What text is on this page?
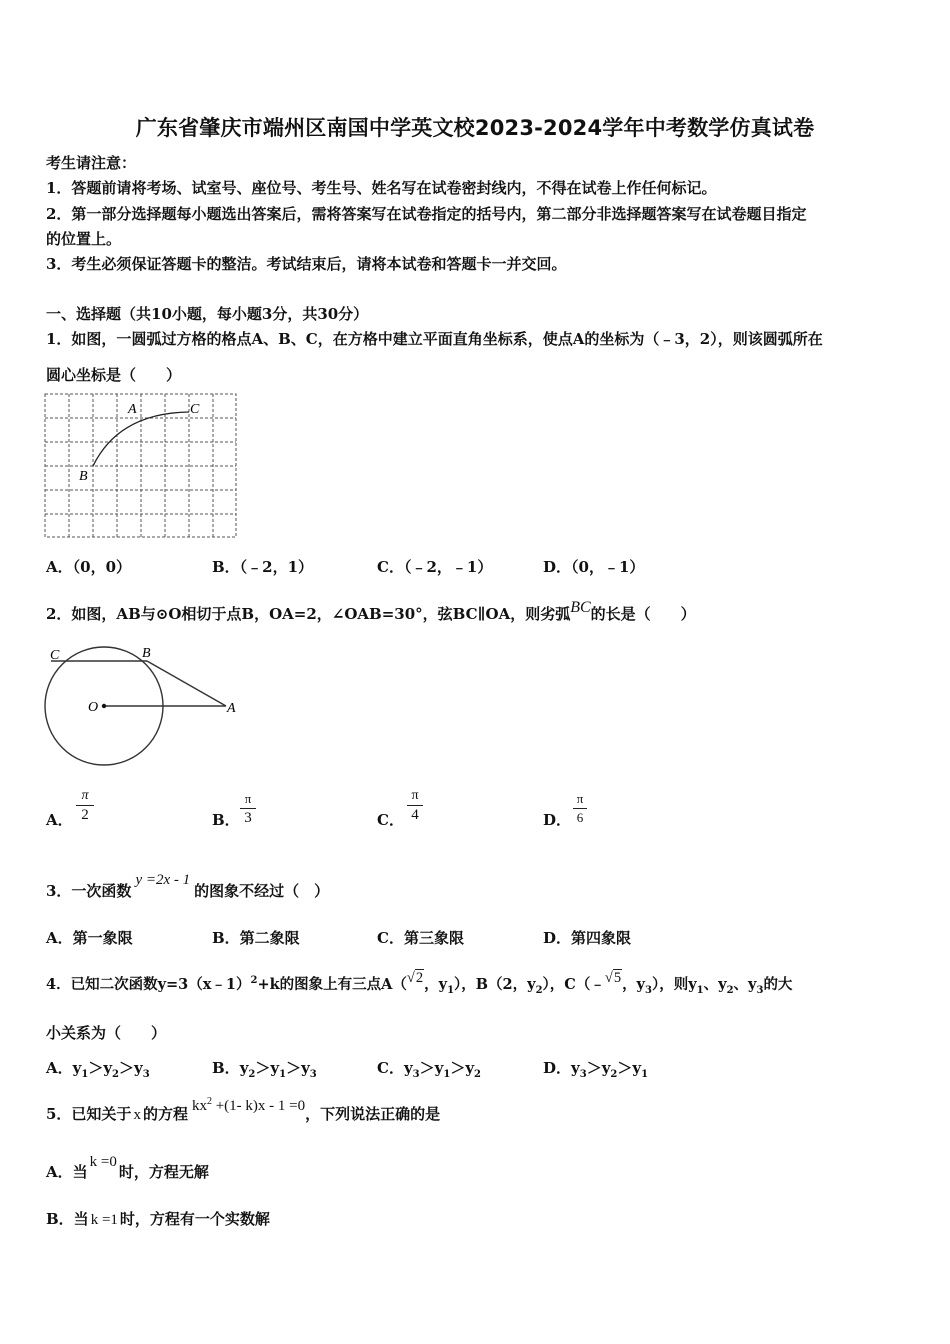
广东省肇庆市端州区南国中学英文校2023-2024学年中考数学仿真试卷
考生请注意：
1．答题前请将考场、试室号、座位号、考生号、姓名写在试卷密封线内，不得在试卷上作任何标记。
2．第一部分选择题每小题选出答案后，需将答案写在试卷指定的括号内，第二部分非选择题答案写在试卷题目指定
的位置上。
3．考生必须保证答题卡的整洁。考试结束后，请将本试卷和答题卡一并交回。
一、选择题（共10小题，每小题3分，共30分）
1．如图，一圆弧过方格的格点A、B、C，在方格中建立平面直角坐标系，使点A的坐标为（﹣3，2），则该圆弧所在
圆心坐标是（　　）
A	C
B
A．（0，0）	B．（﹣2，1）	C．（﹣2，﹣1）	D．（0，﹣1）
2．如图，AB与⊙O相切于点B，OA=2，∠OAB=30°，弦BC∥OA，则劣弧BC的长是（　　）
C	B
O	A
A．
π
2	B．
π
3	C．
π
4	D．
π
6
3．一次函数y =2x - 1的图象不经过（　）
A．第一象限	B．第二象限	C．第三象限	D．第四象限
4．已知二次函数y=3（x﹣1）$^2$+k的图象上有三点A（√2，$y_1$），B（2，$y_2$），C（﹣√5，$y_3$），则$y_1$、$y_2$、$y_3$的大
小关系为（　　）
A．$y_1>y_2>y_3$	B．$y_2>y_1>y_3$	C．$y_3>y_1>y_2$	D．$y_3>y_2>y_1$
5．已知关于 x 的方程 $kx^2 +(1-$ k)x - 1 =0，下列说法正确的是
A．当k =0时，方程无解
B．当 k =1 时，方程有一个实数解
